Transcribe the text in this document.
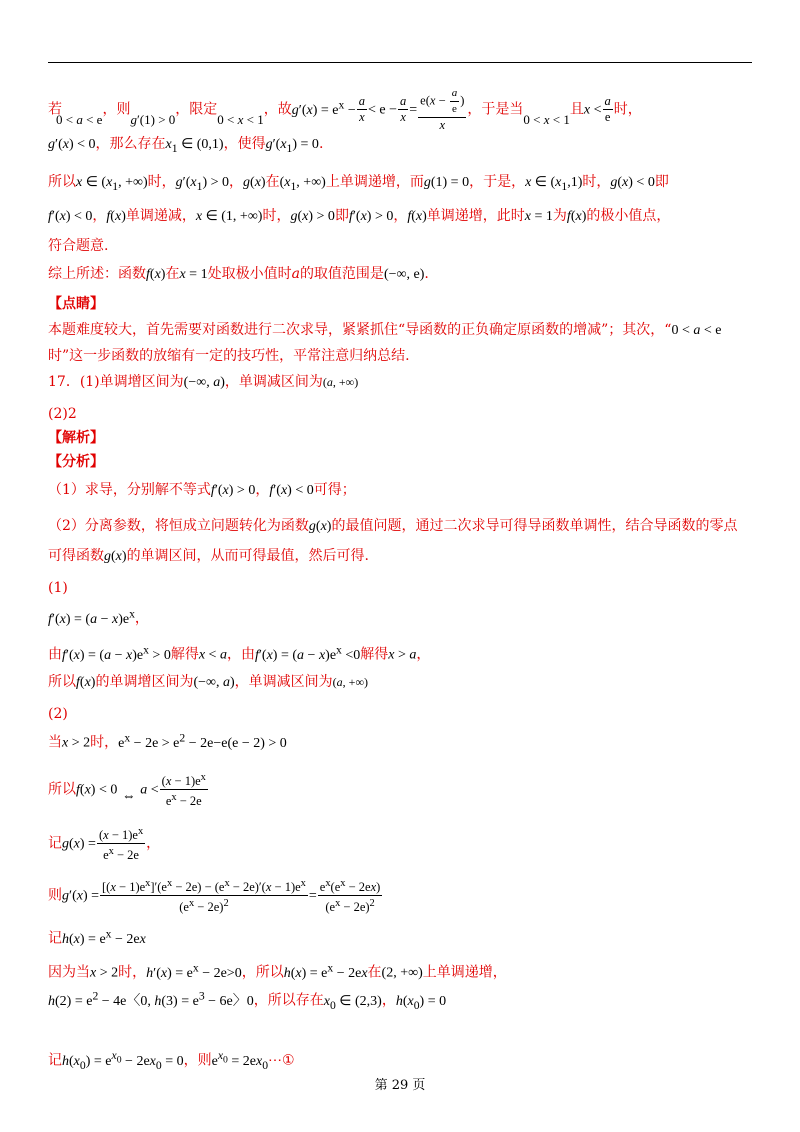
若0 < a < e，则g′(1) > 0，限定0 < x < 1，故$g'(x) = e^x - \frac{a}{x} < e - \frac{a}{x} = \frac{e(x - \frac{a}{e} )}{x}$ ，于是当0 < x < 1且$x < \frac{a}{e}$ 时，
g′(x) < 0，那么存在$x_1$ ∈ (0,1)，使得$g'(x_1) = 0$.
所以x ∈ ($x_1$, +∞)时，$g'(x_1) > 0$，g(x)在($x_1$, +∞)上单调递增，而g(1) = 0，于是，x ∈ $(x_1,1)$时，g(x) < 0即
f′(x) < 0，f(x)单调递减，x ∈ (1, +∞)时，g(x) > 0即f′(x) > 0，f(x)单调递增，此时x = 1为f(x)的极小值点，
符合题意.
综上所述：函数f(x)在x = 1处取极小值时a的取值范围是(−∞, e).
【点睛】
本题难度较大，首先需要对函数进行二次求导，紧紧抓住“导函数的正负确定原函数的增减”；其次，“0 < a < e
时”这一步函数的放缩有一定的技巧性，平常注意归纳总结.
17．(1)单调增区间为(−∞, a)，单调减区间为(a, +∞)
(2)2
【解析】
【分析】
（1）求导，分别解不等式f′(x) > 0，f′(x) < 0可得；
（2）分离参数，将恒成立问题转化为函数g(x)的最值问题，通过二次求导可得导函数单调性，结合导函数的零点
可得函数g(x)的单调区间，从而可得最值，然后可得.
(1)
$f'(x) = (a - x)e^x$，
由$f'(x) = (a - x)e^x > 0$解得x < a，由$f'(x) = (a - x)e^x <0$解得x > a，
所以f(x)的单调增区间为(−∞, a)，单调减区间为(a, +∞)
(2)
当x > 2时，$e^x - 2e > e^2 - 2e-e(e - 2) > 0$
所以f(x) < 0 ⇔ $a < \frac{(x - 1)e^x}{e^x - 2e}$
记$g(x) = \frac{(x - 1)e^x}{e^x - 2e}$ ，
则$g'(x) = \frac{[(x - 1)e^x]'(e^x - 2e) - (e^x - 2e)'(x - 1)e^x}{(e^x - 2e)^2} = \frac{e^x(e^x - 2ex)}{(e^x - 2e)^2}$
记$h(x) = e^x - 2ex$
因为当x > 2时，$h'(x) = e^x - 2e>0$，所以$h(x) = e^x - 2ex$在(2, +∞)上单调递增，
$h(2) = e^2 - 4e$〈0, $h(3) = e^3 - 6e$〉0，所以存在$x_0$ ∈ (2,3)，$h(x_0) = 0$
记$h(x_0) = e^{x_0} - 2ex_0 = 0$，则$e^{x_0}$ = $2ex_0\cdots ①$
第 29 页
